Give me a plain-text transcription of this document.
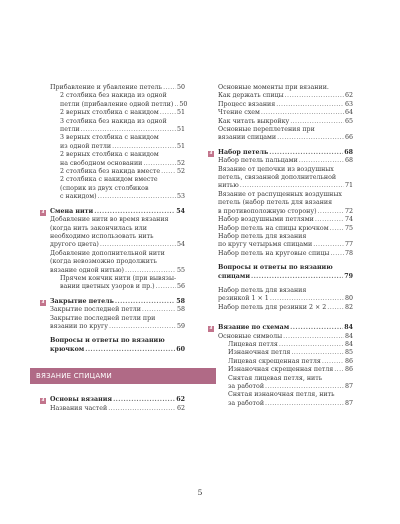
Прибавление и убавление петель ..... 50
2 столбика без накида из одной
петли (прибавление одной петли) ..... 50
2 верных столбика с накидом .....	51
3 столбика без накида из одной
петли .....	51
3 верных столбика с накидом
из одной петли .....	51
2 верных столбика с накидом
на свободном основании .....	52
2 столбика без накида вместе .....	52
2 столбика с накидом вместе
(спорик из двух столбиков
с накидом) .....	53
3 Смена нити .....	54
Добавление нити во время вязания
(когда нить закончилась или
необходимо использовать нить
другого цвета) .....	54
Добавление дополнительной нити
(когда невозможно продолжить
вязание одной нитью) .....	55
Прячем кончик нити (при вывязы-
вании цветных узоров и пр.) .....	56
3 Закрытие петель .....	58
Закрытие последней петли .....	58
Закрытие последней петли при
вязании по кругу .....	59
Вопросы и ответы по вязанию
крючком .....	60
ВЯЗАНИЕ СПИЦАМИ
3 Основы вязания .....	62
Названия частей .....	62
Основные моменты при вязании.
Как держать спицы .....	62
Процесс вязания .....	63
Чтение схем .....	64
Как читать выкройку .....	65
Основные переплетения при
вязании спицами .....	66
3 Набор петель .....	68
Набор петель пальцами .....	68
Вязание от цепочки из воздушных
петель, связанной дополнительной
нитью .....	71
Вязание от распущенных воздушных
петель (набор петель для вязания
в противоположную сторону) .....	72
Набор воздушными петлями .....	74
Набор петель на спицы крючком .....	75
Набор петель для вязания
по кругу четырьмя спицами .....	77
Набор петель на круговые спицы ..... 78
Вопросы и ответы по вязанию
спицами .....	79
Набор петель для вязания
резинкой 1 × 1 .....	80
Набор петель для резинки 2 × 2 .....	82
3 Вязание по схемам .....	84
Основные символы .....	84
Лицевая петля .....	84
Изнаночная петля .....	85
Лицевая скрещенная петля .....	86
Изнаночная скрещенная петля ..... 86
Снятая лицевая петля, нить
за работой .....	87
Снятая изнаночная петля, нить
за работой .....	87
5
